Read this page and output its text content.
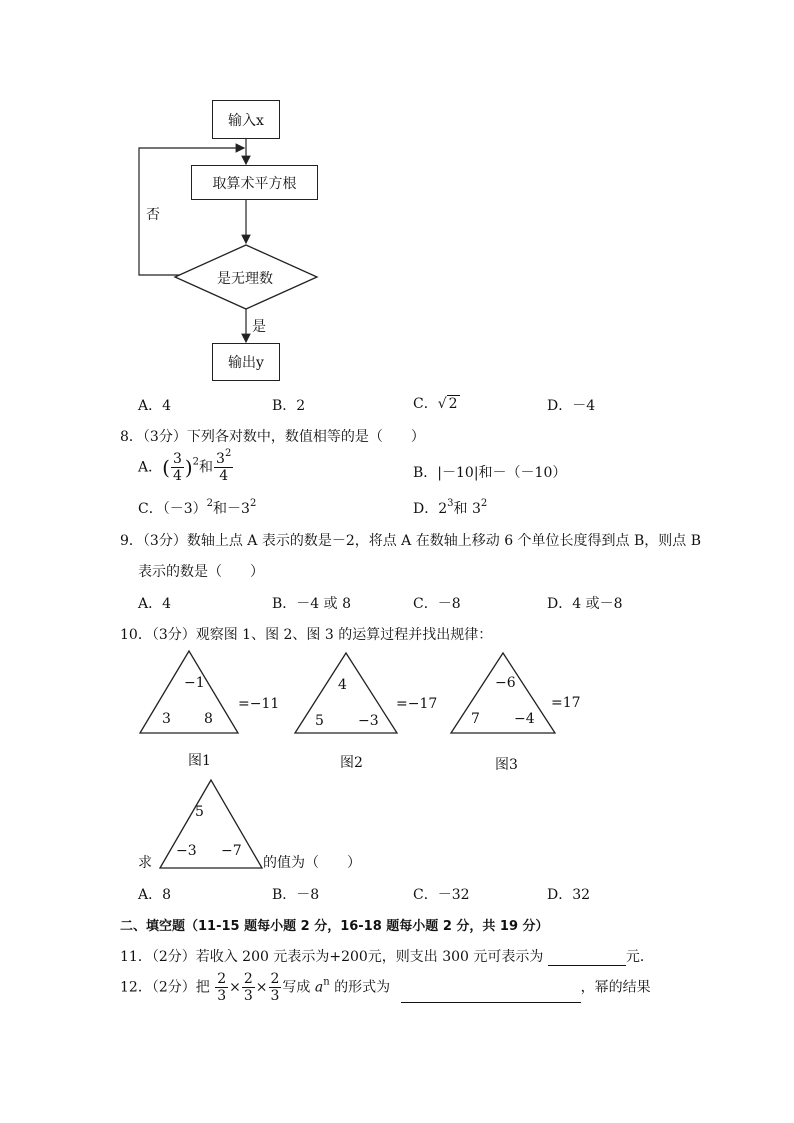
输入x
取算术平方根
是无理数
否
是
输出y
A．4	B．2	C．√ 2	D．－4
8．（3分）下列各对数中，数值相等的是（　　）
A．( $\frac{3}{4} )^2$和 $\frac{3^2}{4}$	B．|－10|和－（－10）
C．$(-3)^2$和$-3^2$	D．$2^3$和 $3^2$
9．（3分）数轴上点 A 表示的数是－2，将点 A 在数轴上移动 6 个单位长度得到点 B，则点 B
表示的数是（　　）
A．4	B．－4 或 8	C．－8	D．4 或－8
10．（3分）观察图 1、图 2、图 3 的运算过程并找出规律：
−1
3 8
=−11
图1
4
5 −3
=−17
图2
−6
7 −4
=17
图3
5
−3 −7
求	的值为（　　）
A．8	B．－8	C．－32	D．32
二、填空题（11-15 题每小题 2 分，16-18 题每小题 2 分，共 19 分）
11．（2分）若收入 200 元表示为+200元，则支出 300 元可表示为	元．
12．（2分）把 $\frac{2}{3} \times \frac{2}{3} \times \frac{2}{3}$ 写成 $a^n$ 的形式为	，幂的结果
